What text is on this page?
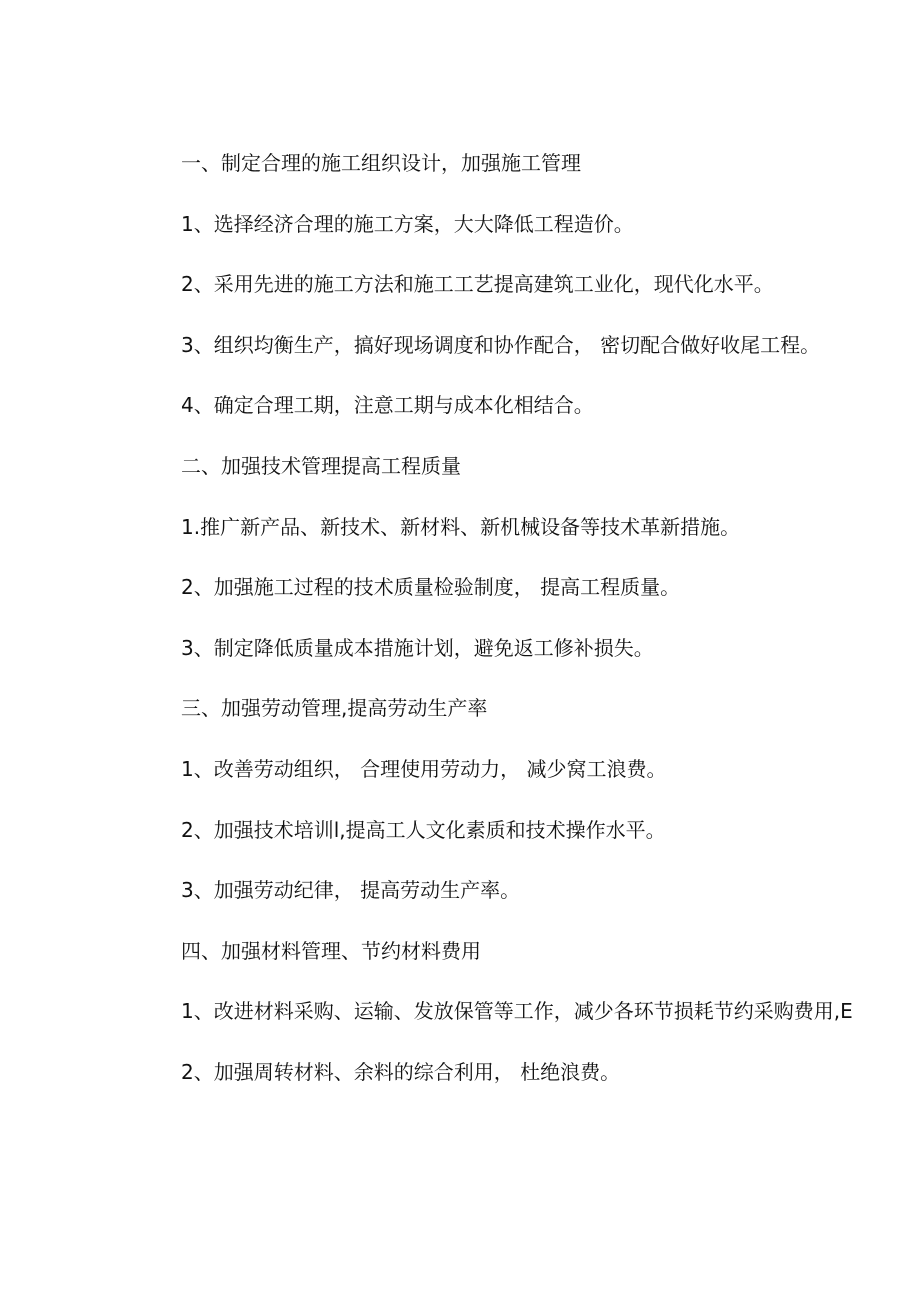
一、制定合理的施工组织设计，加强施工管理
1、选择经济合理的施工方案，大大降低工程造价。
2、采用先进的施工方法和施工工艺提高建筑工业化，现代化水平。
3、组织均衡生产，搞好现场调度和协作配合， 密切配合做好收尾工程。
4、确定合理工期，注意工期与成本化相结合。
二、加强技术管理提高工程质量
1.推广新产品、新技术、新材料、新机械设备等技术革新措施。
2、加强施工过程的技术质量检验制度， 提高工程质量。
3、制定降低质量成本措施计划，避免返工修补损失。
三、加强劳动管理,提高劳动生产率
1、改善劳动组织， 合理使用劳动力， 减少窝工浪费。
2、加强技术培训l,提高工人文化素质和技术操作水平。
3、加强劳动纪律， 提高劳动生产率。
四、加强材料管理、节约材料费用
1、改进材料采购、运输、发放保管等工作，减少各环节损耗节约采购费用,E
2、加强周转材料、余料的综合利用， 杜绝浪费。
